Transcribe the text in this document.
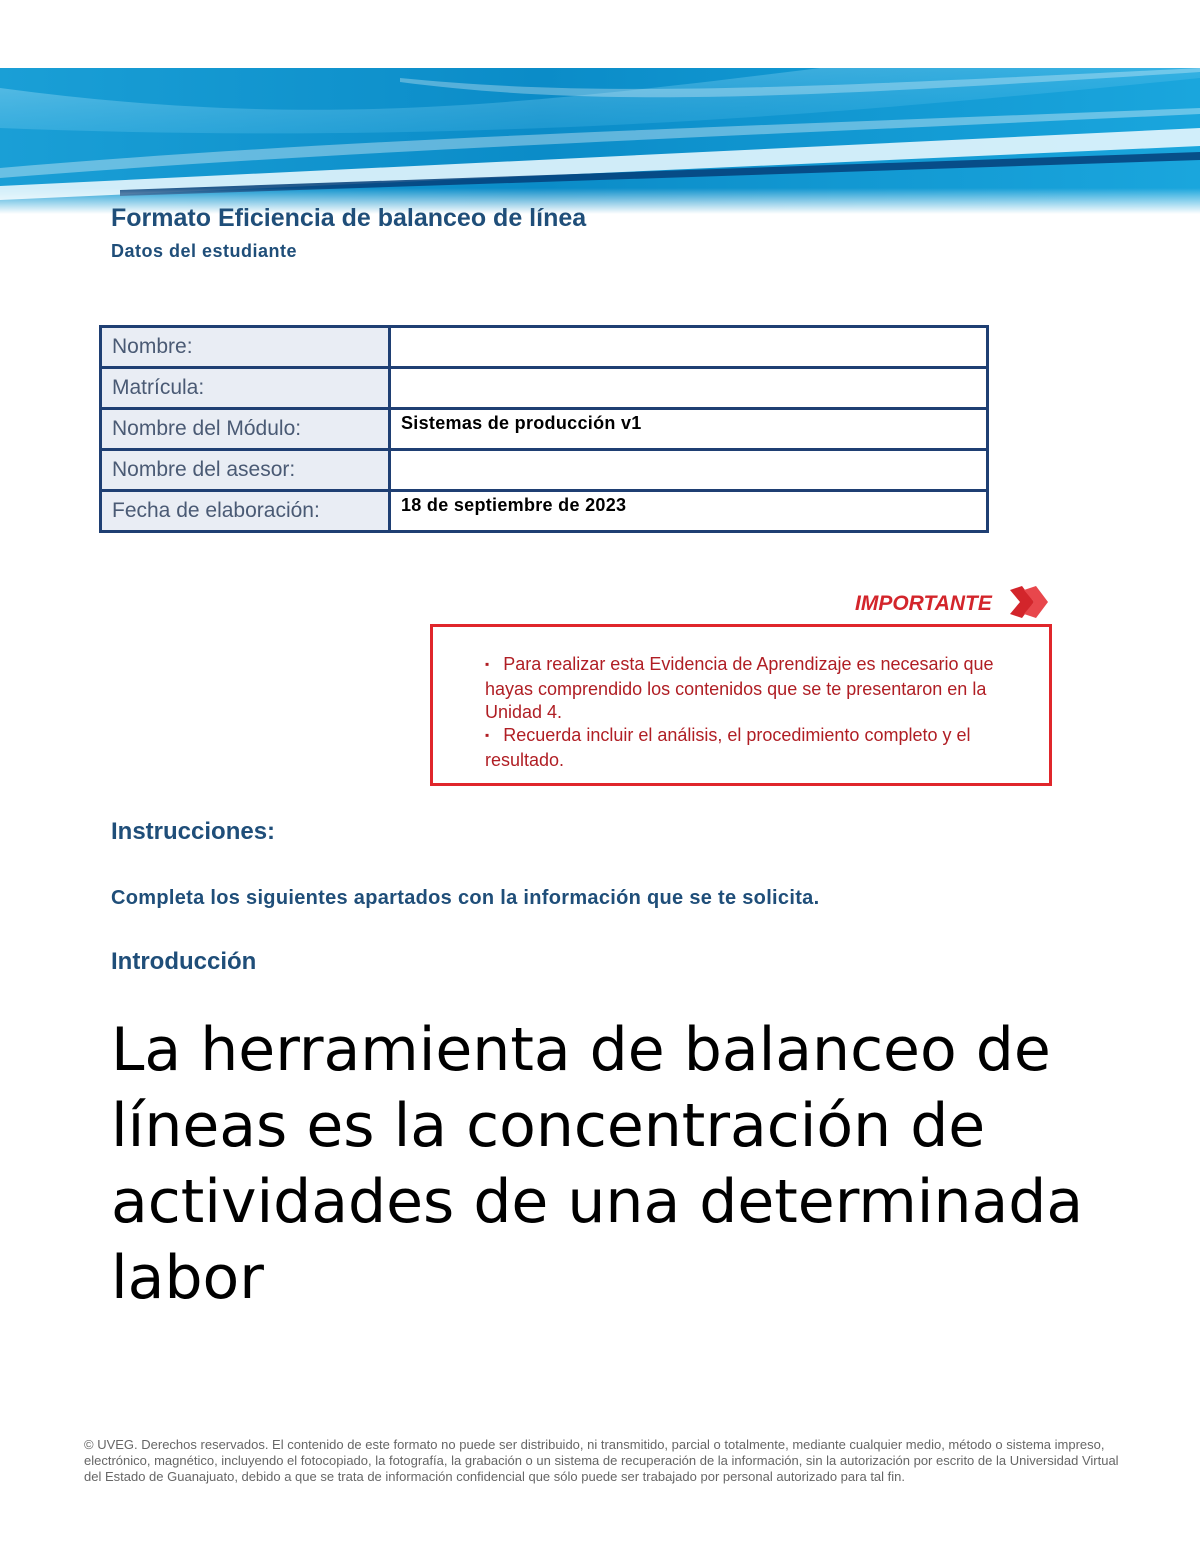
Formato Eficiencia de balanceo de línea
Datos del estudiante
Nombre:	
Matrícula:	
Nombre del Módulo:	Sistemas de producción v1
Nombre del asesor:	
Fecha de elaboración:	18 de septiembre de 2023
IMPORTANTE
▪ Para realizar esta Evidencia de Aprendizaje es necesario que hayas comprendido los contenidos que se te presentaron en la Unidad 4.
▪ Recuerda incluir el análisis, el procedimiento completo y el resultado.
Instrucciones:
Completa los siguientes apartados con la información que se te solicita.
Introducción
La herramienta de balanceo de líneas es la concentración de actividades de una determinada labor
© UVEG. Derechos reservados. El contenido de este formato no puede ser distribuido, ni transmitido, parcial o totalmente, mediante cualquier medio, método o sistema impreso, electrónico, magnético, incluyendo el fotocopiado, la fotografía, la grabación o un sistema de recuperación de la información, sin la autorización por escrito de la Universidad Virtual del Estado de Guanajuato, debido a que se trata de información confidencial que sólo puede ser trabajado por personal autorizado para tal fin.
